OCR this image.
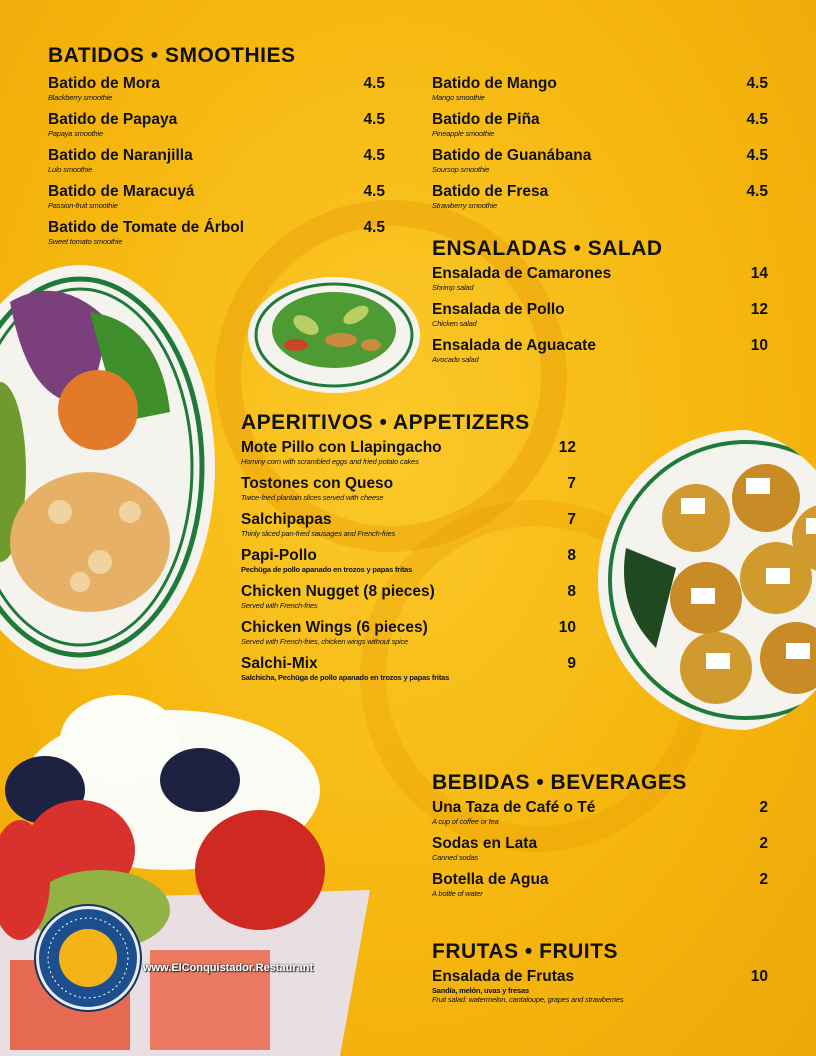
BATIDOS • SMOOTHIES
Batido de Mora
Blackberry smoothie
4.5
Batido de Papaya
Papaya smoothie
4.5
Batido de Naranjilla
Lulo smoothie
4.5
Batido de Maracuyá
Passion-fruit smoothie
4.5
Batido de Tomate de Árbol
Sweet tomato smoothie
4.5
Batido de Mango
Mango smoothie
4.5
Batido de Piña
Pineapple smoothie
4.5
Batido de Guanábana
Soursop smoothie
4.5
Batido de Fresa
Strawberry smoothie
4.5
ENSALADAS • SALAD
Ensalada de Camarones
Shrimp salad
14
Ensalada de Pollo
Chicken salad
12
Ensalada de Aguacate
Avocado salad
10
APERITIVOS • APPETIZERS
Mote Pillo con Llapingacho
Hominy corn with scrambled eggs and fried potato cakes
12
Tostones con Queso
Twice-fried plantain slices served with cheese
7
Salchipapas
Thinly sliced pan-fried sausages and French-fries
7
Papi-Pollo
Pechüga de pollo apanado en trozos y papas fritas
8
Chicken Nugget (8 pieces)
Served with French-fries
8
Chicken Wings (6 pieces)
Served with French-fries, chicken wings without spice
10
Salchi-Mix
Salchicha, Pechüga de pollo apanado en trozos y papas fritas
9
BEBIDAS • BEVERAGES
Una Taza de Café o Té
A cup of coffee or tea
2
Sodas en Lata
Canned sodas
2
Botella de Agua
A bottle of water
2
FRUTAS • FRUITS
Ensalada de Frutas
Sandía, melón, uvas y fresas
Fruit salad: watermelon, cantaloupe, grapes and strawberries
10
www.ElConquistador.Restaurant
